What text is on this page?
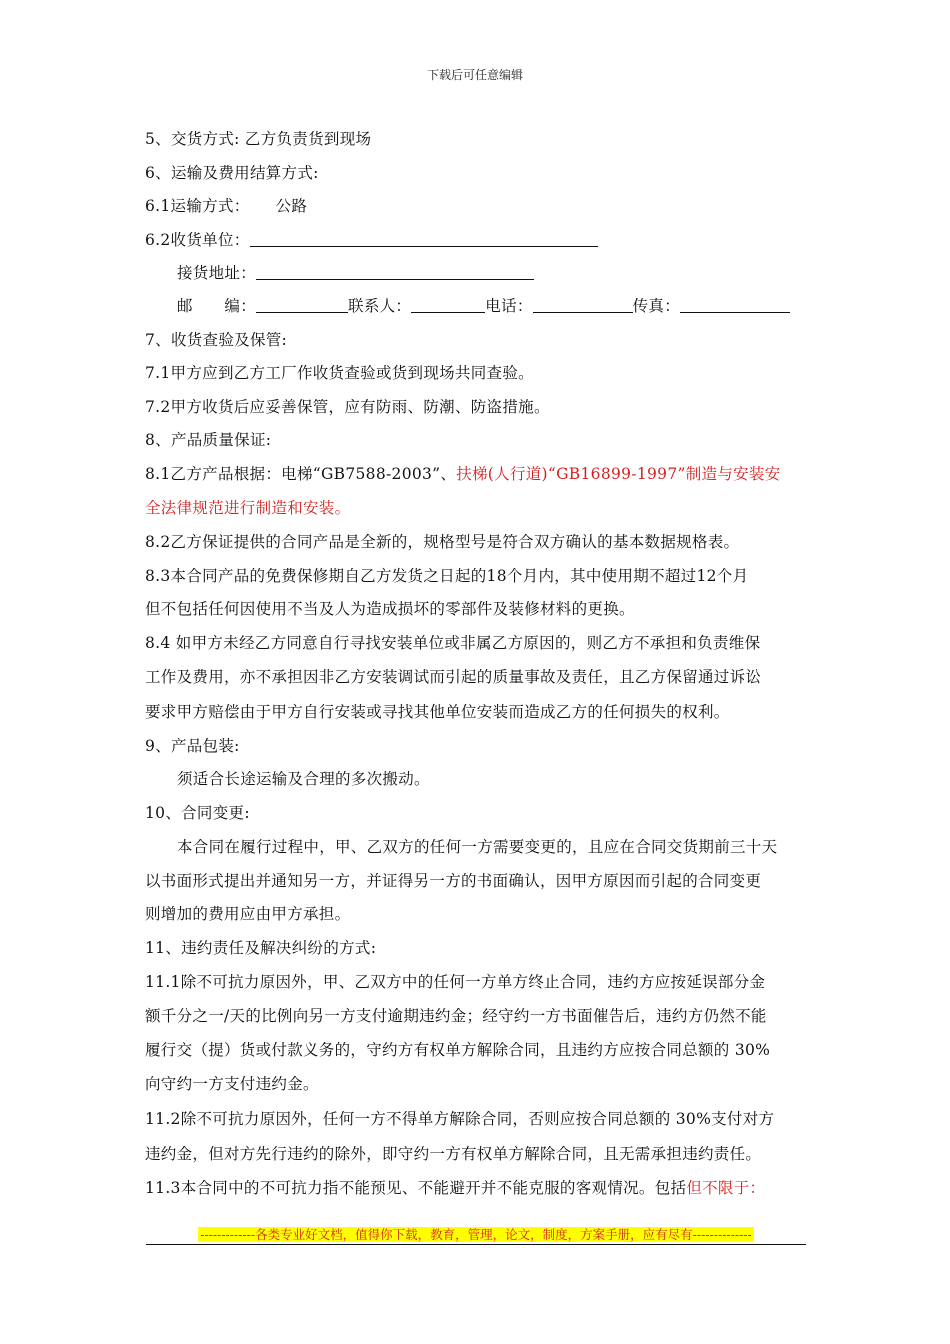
下载后可任意编辑
5、交货方式: 乙方负责货到现场
6、运输及费用结算方式:
6.1运输方式： 公路
6.2收货单位：
接货地址：
邮　　编：	联系人：	电话：	传真：
7、收货查验及保管:
7.1甲方应到乙方工厂作收货查验或货到现场共同查验。
7.2甲方收货后应妥善保管，应有防雨、防潮、防盗措施。
8、产品质量保证:
8.1乙方产品根据：电梯“GB7588-2003”、扶梯(人行道)“GB16899-1997”制造与安装安
全法律规范进行制造和安装。
8.2乙方保证提供的合同产品是全新的，规格型号是符合双方确认的基本数据规格表。
8.3本合同产品的免费保修期自乙方发货之日起的18个月内，其中使用期不超过12个月
但不包括任何因使用不当及人为造成损坏的零部件及装修材料的更换。
8.4 如甲方未经乙方同意自行寻找安装单位或非属乙方原因的，则乙方不承担和负责维保
工作及费用，亦不承担因非乙方安装调试而引起的质量事故及责任，且乙方保留通过诉讼
要求甲方赔偿由于甲方自行安装或寻找其他单位安装而造成乙方的任何损失的权利。
9、产品包装:
须适合长途运输及合理的多次搬动。
10、合同变更:
本合同在履行过程中，甲、乙双方的任何一方需要变更的，且应在合同交货期前三十天
以书面形式提出并通知另一方，并证得另一方的书面确认，因甲方原因而引起的合同变更
则增加的费用应由甲方承担。
11、违约责任及解决纠纷的方式:
11.1除不可抗力原因外，甲、乙双方中的任何一方单方终止合同，违约方应按延误部分金
额千分之一/天的比例向另一方支付逾期违约金；经守约一方书面催告后，违约方仍然不能
履行交（提）货或付款义务的，守约方有权单方解除合同，且违约方应按合同总额的 30%
向守约一方支付违约金。
11.2除不可抗力原因外，任何一方不得单方解除合同，否则应按合同总额的 30%支付对方
违约金，但对方先行违约的除外，即守约一方有权单方解除合同，且无需承担违约责任。
11.3本合同中的不可抗力指不能预见、不能避开并不能克服的客观情况。包括但不限于：
-------------各类专业好文档，值得你下载，教育，管理，论文，制度，方案手册，应有尽有--------------
